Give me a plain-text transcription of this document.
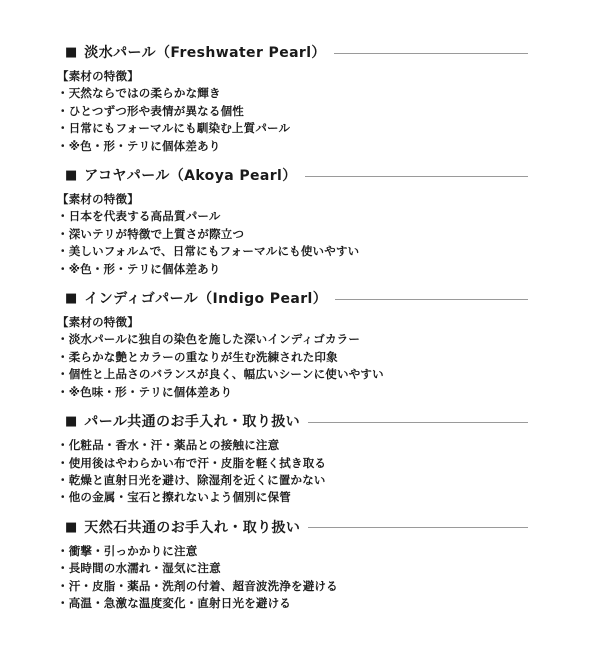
■ 淡水パール（Freshwater Pearl）

【素材の特徴】

・天然ならではの柔らかな輝き
・ひとつずつ形や表情が異なる個性
・日常にもフォーマルにも馴染む上質パール
・※色・形・テリに個体差あり
■ アコヤパール（Akoya Pearl）

【素材の特徴】

・日本を代表する高品質パール
・深いテリが特徴で上質さが際立つ
・美しいフォルムで、日常にもフォーマルにも使いやすい
・※色・形・テリに個体差あり
■ インディゴパール（Indigo Pearl）

【素材の特徴】

・淡水パールに独自の染色を施した深いインディゴカラー
・柔らかな艶とカラーの重なりが生む洗練された印象
・個性と上品さのバランスが良く、幅広いシーンに使いやすい
・※色味・形・テリに個体差あり
■ パール共通のお手入れ・取り扱い
・化粧品・香水・汗・薬品との接触に注意
・使用後はやわらかい布で汗・皮脂を軽く拭き取る
・乾燥と直射日光を避け、除湿剤を近くに置かない
・他の金属・宝石と擦れないよう個別に保管
■ 天然石共通のお手入れ・取り扱い
・衝撃・引っかかりに注意
・長時間の水濡れ・湿気に注意
・汗・皮脂・薬品・洗剤の付着、超音波洗浄を避ける
・高温・急激な温度変化・直射日光を避ける
